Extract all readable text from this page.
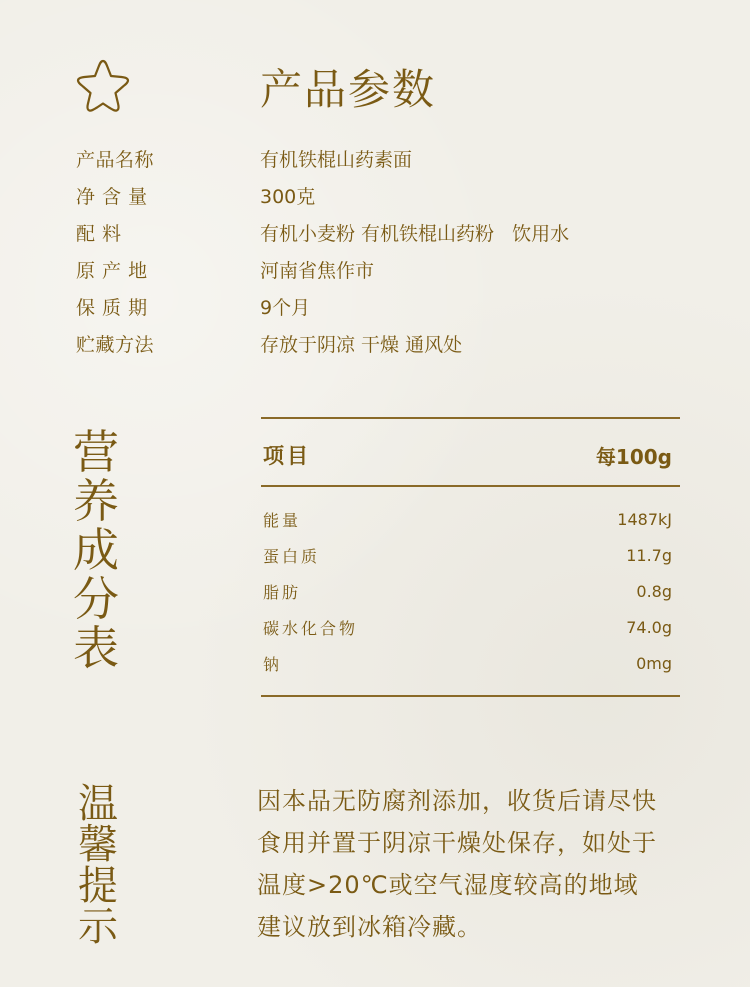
产品参数
产品名称	有机铁棍山药素面
净 含 量	300克
配 料	有机小麦粉 有机铁棍山药粉   饮用水
原 产 地	河南省焦作市
保 质 期	9个月
贮藏方法	存放于阴凉 干燥 通风处
营
养
成
分
表
项目	每100g
能量	1487kJ
蛋白质	11.7g
脂肪	0.8g
碳水化合物	74.0g
钠	0mg
温
馨
提
示
因本品无防腐剂添加，收货后请尽快
食用并置于阴凉干燥处保存，如处于
温度>20℃或空气湿度较高的地域
建议放到冰箱冷藏。
